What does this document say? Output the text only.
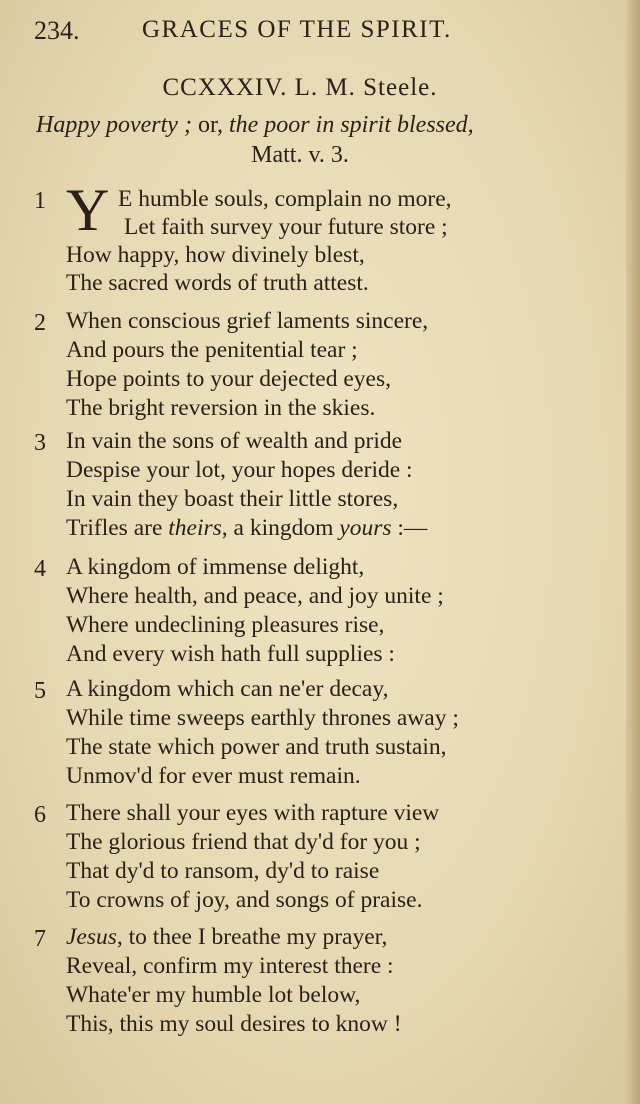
234.	GRACES OF THE SPIRIT.
CCXXXIV. L. M. Steele.
Happy poverty ; or, the poor in spirit blessed,
Matt. v. 3.
1 Y E humble souls, complain no more,
Let faith survey your future store ;
How happy, how divinely blest,
The sacred words of truth attest.
2 When conscious grief laments sincere,
And pours the penitential tear ;
Hope points to your dejected eyes,
The bright reversion in the skies.
3 In vain the sons of wealth and pride
Despise your lot, your hopes deride :
In vain they boast their little stores,
Trifles are theirs, a kingdom yours :—
4 A kingdom of immense delight,
Where health, and peace, and joy unite ;
Where undeclining pleasures rise,
And every wish hath full supplies :
5 A kingdom which can ne'er decay,
While time sweeps earthly thrones away ;
The state which power and truth sustain,
Unmov'd for ever must remain.
6 There shall your eyes with rapture view
The glorious friend that dy'd for you ;
That dy'd to ransom, dy'd to raise
To crowns of joy, and songs of praise.
7 Jesus, to thee I breathe my prayer,
Reveal, confirm my interest there :
Whate'er my humble lot below,
This, this my soul desires to know !
